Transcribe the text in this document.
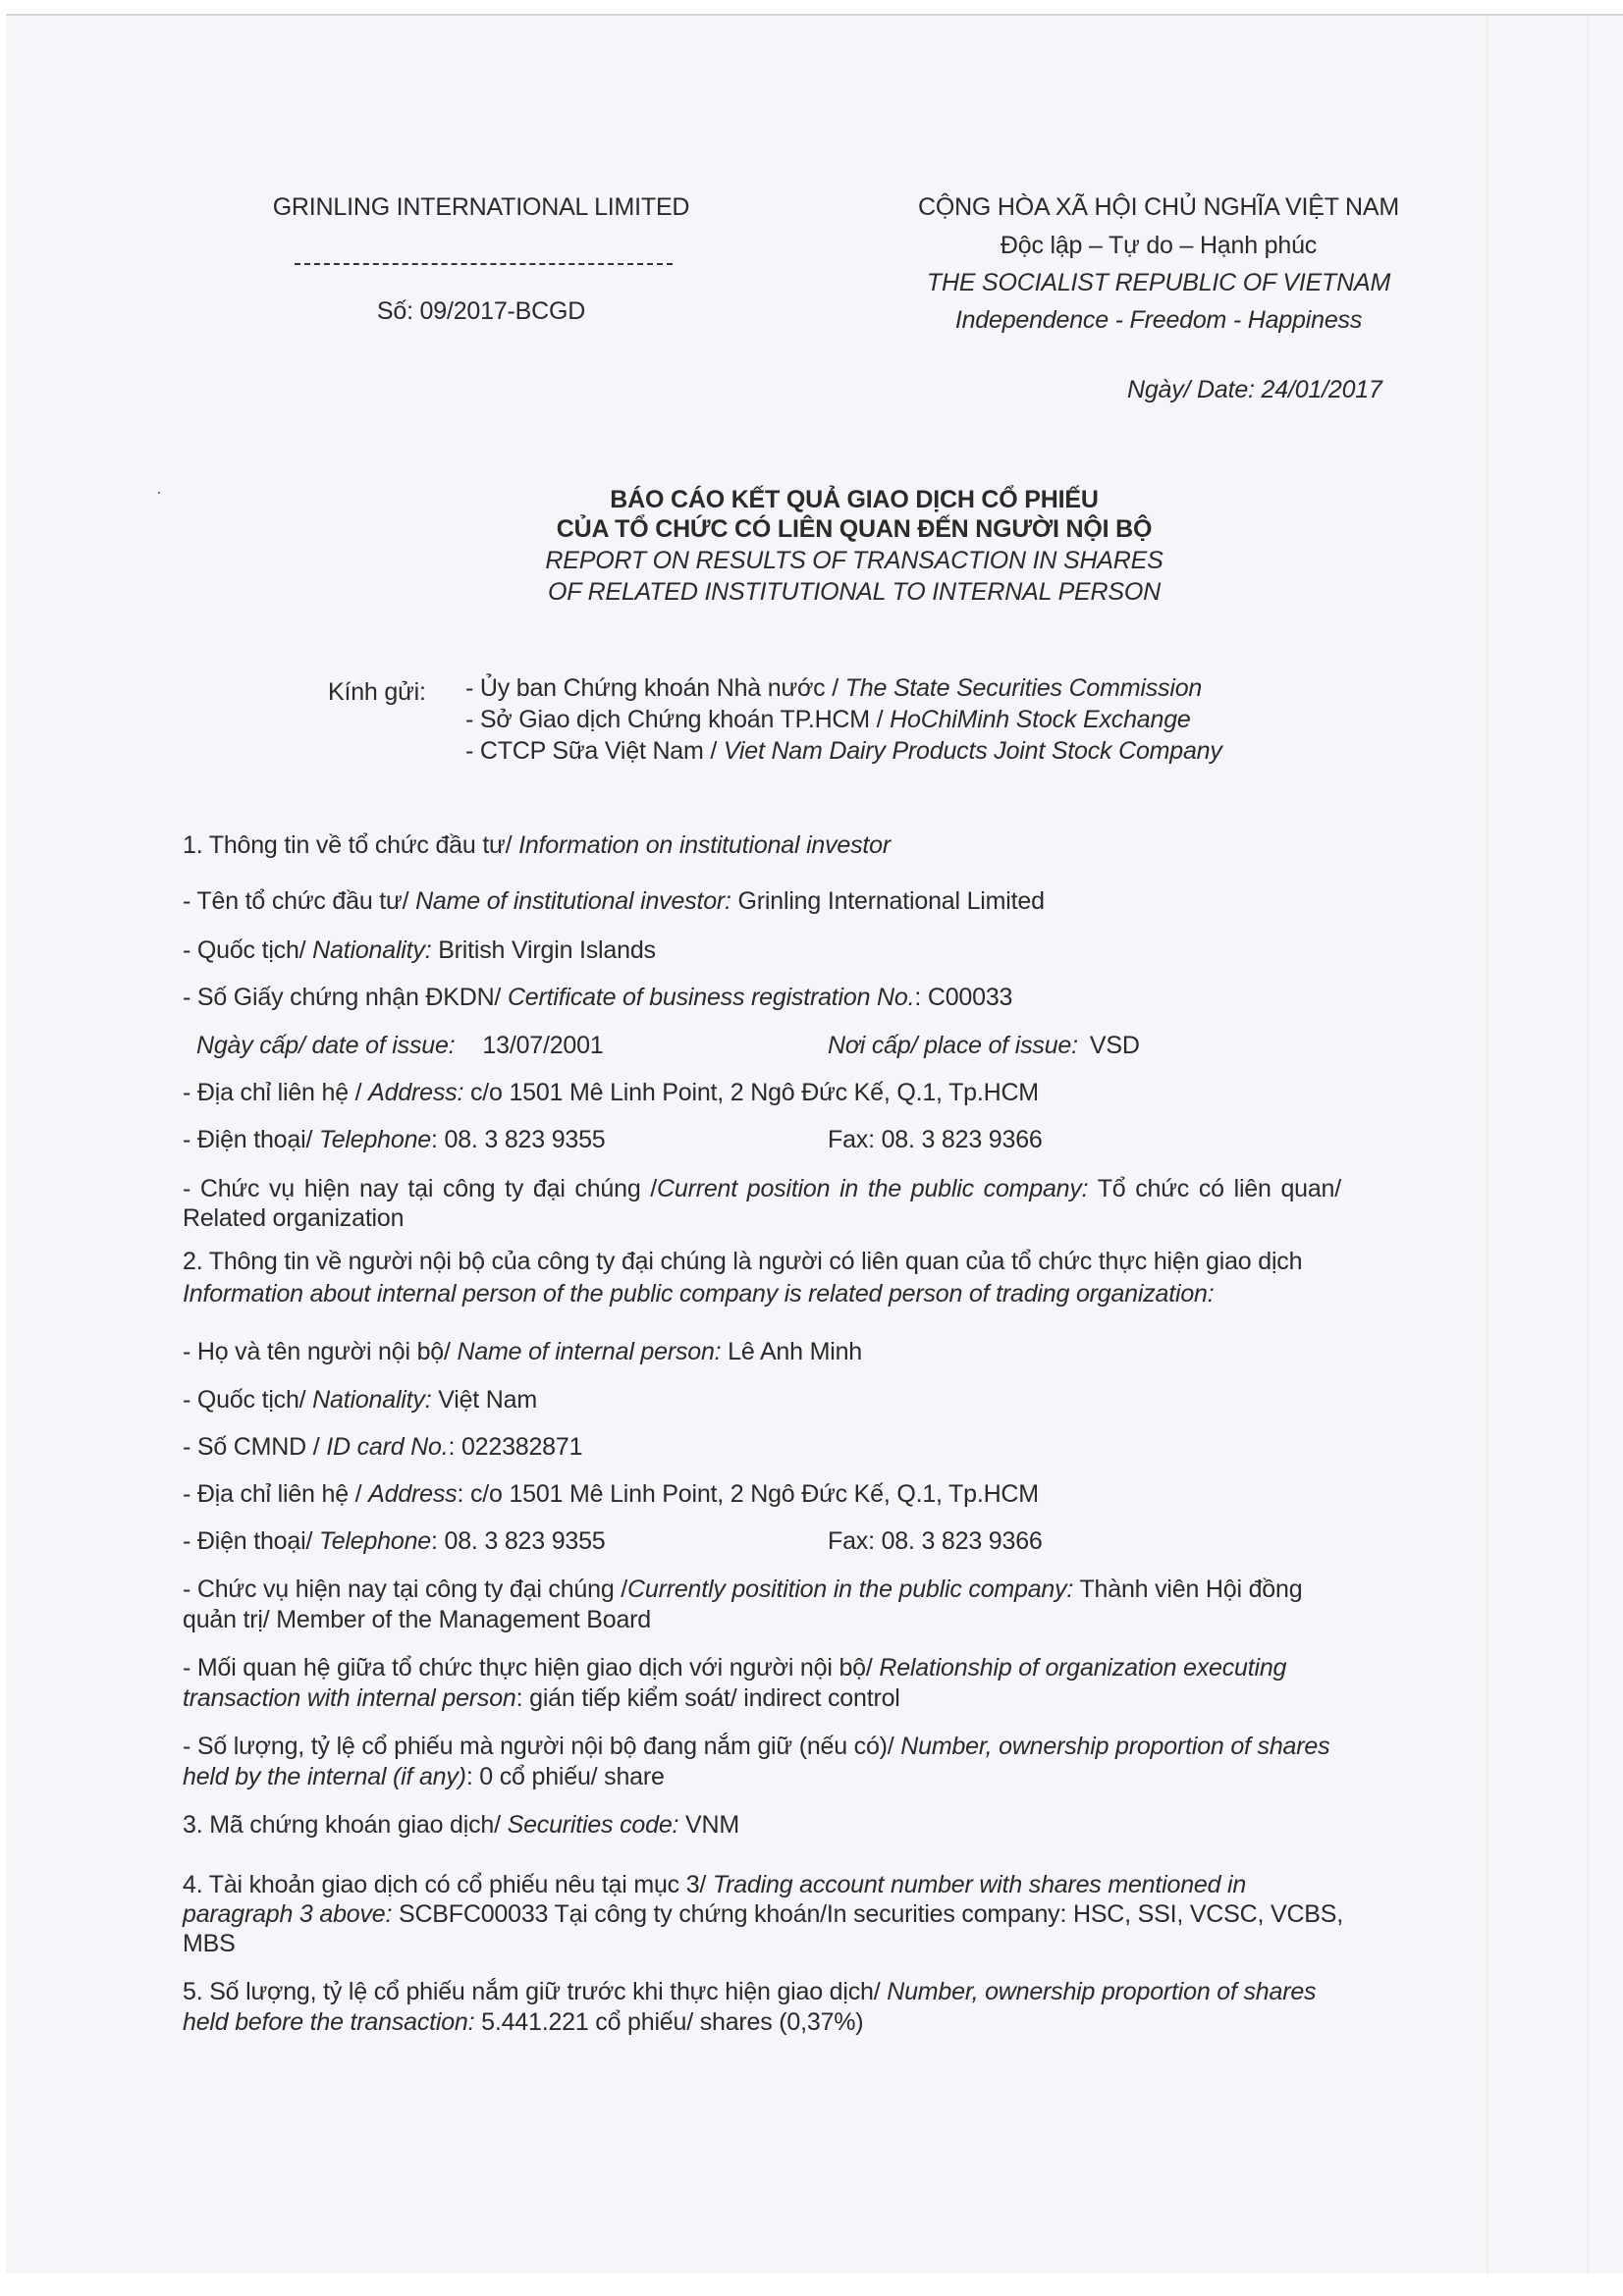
GRINLING INTERNATIONAL LIMITED
Số: 09/2017-BCGD
CỘNG HÒA XÃ HỘI CHỦ NGHĨA VIỆT NAM
Độc lập – Tự do – Hạnh phúc
THE SOCIALIST REPUBLIC OF VIETNAM
Independence - Freedom - Happiness
Ngày/ Date: 24/01/2017
BÁO CÁO KẾT QUẢ GIAO DỊCH CỔ PHIẾU
CỦA TỔ CHỨC CÓ LIÊN QUAN ĐẾN NGƯỜI NỘI BỘ
REPORT ON RESULTS OF TRANSACTION IN SHARES
OF RELATED INSTITUTIONAL TO INTERNAL PERSON
Kính gửi: - Ủy ban Chứng khoán Nhà nước / The State Securities Commission
- Sở Giao dịch Chứng khoán TP.HCM / HoChiMinh Stock Exchange
- CTCP Sữa Việt Nam / Viet Nam Dairy Products Joint Stock Company
1. Thông tin về tổ chức đầu tư/ Information on institutional investor
- Tên tổ chức đầu tư/ Name of institutional investor: Grinling International Limited
- Quốc tịch/ Nationality: British Virgin Islands
- Số Giấy chứng nhận ĐKDN/ Certificate of business registration No.: C00033
Ngày cấp/ date of issue: 13/07/2001	Nơi cấp/ place of issue: VSD
- Địa chỉ liên hệ / Address: c/o 1501 Mê Linh Point, 2 Ngô Đức Kế, Q.1, Tp.HCM
- Điện thoại/ Telephone: 08. 3 823 9355	Fax: 08. 3 823 9366
- Chức vụ hiện nay tại công ty đại chúng /Current position in the public company: Tổ chức có liên quan/
Related organization
2. Thông tin về người nội bộ của công ty đại chúng là người có liên quan của tổ chức thực hiện giao dịch
Information about internal person of the public company is related person of trading organization:
- Họ và tên người nội bộ/ Name of internal person: Lê Anh Minh
- Quốc tịch/ Nationality: Việt Nam
- Số CMND / ID card No.: 022382871
- Địa chỉ liên hệ / Address: c/o 1501 Mê Linh Point, 2 Ngô Đức Kế, Q.1, Tp.HCM
- Điện thoại/ Telephone: 08. 3 823 9355	Fax: 08. 3 823 9366
- Chức vụ hiện nay tại công ty đại chúng /Currently positition in the public company: Thành viên Hội đồng
quản trị/ Member of the Management Board
- Mối quan hệ giữa tổ chức thực hiện giao dịch với người nội bộ/ Relationship of organization executing
transaction with internal person: gián tiếp kiểm soát/ indirect control
- Số lượng, tỷ lệ cổ phiếu mà người nội bộ đang nắm giữ (nếu có)/ Number, ownership proportion of shares
held by the internal (if any): 0 cổ phiếu/ share
3. Mã chứng khoán giao dịch/ Securities code: VNM
4. Tài khoản giao dịch có cổ phiếu nêu tại mục 3/ Trading account number with shares mentioned in
paragraph 3 above: SCBFC00033 Tại công ty chứng khoán/In securities company: HSC, SSI, VCSC, VCBS,
MBS
5. Số lượng, tỷ lệ cổ phiếu nắm giữ trước khi thực hiện giao dịch/ Number, ownership proportion of shares
held before the transaction: 5.441.221 cổ phiếu/ shares (0,37%)
